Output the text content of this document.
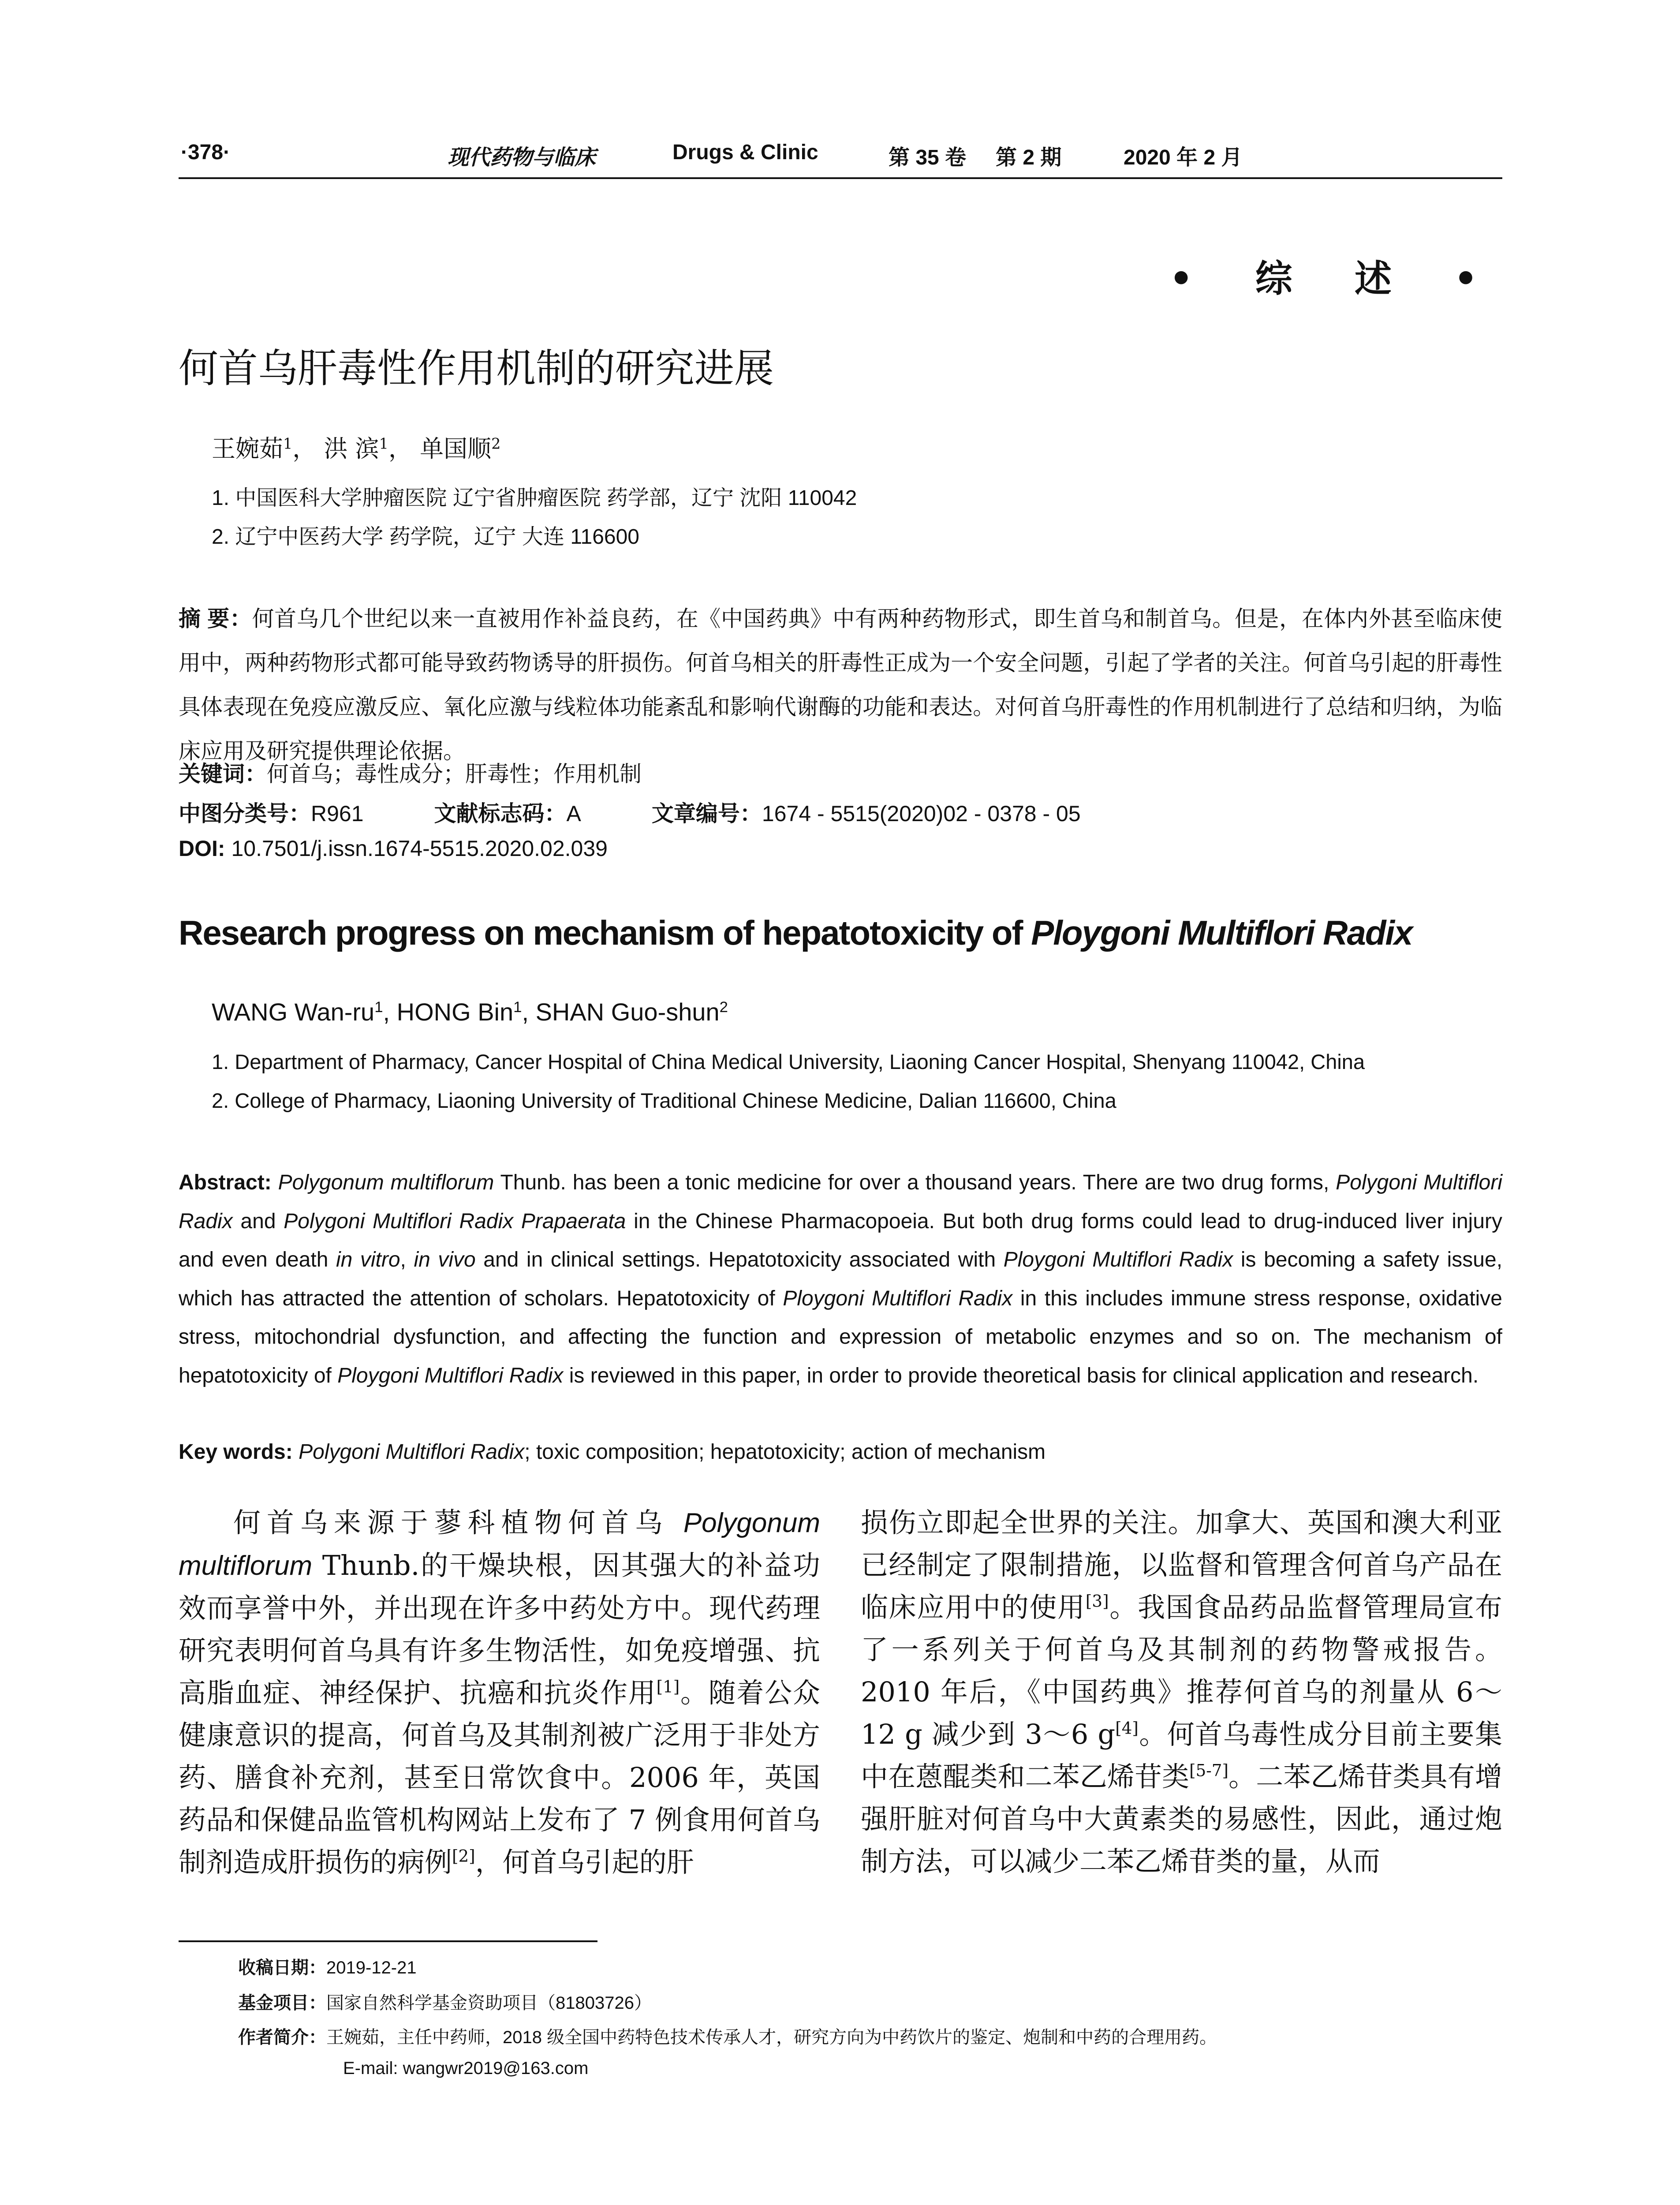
·378·	现代药物与临床	Drugs & Clinic	第 35 卷 第 2 期	2020 年 2 月
• 综 述 •
何首乌肝毒性作用机制的研究进展
王婉茹$^1$， 洪 滨$^1$， 单国顺$^2$
1. 中国医科大学肿瘤医院 辽宁省肿瘤医院 药学部，辽宁 沈阳 110042
2. 辽宁中医药大学 药学院，辽宁 大连 116600
摘 要：何首乌几个世纪以来一直被用作补益良药，在《中国药典》中有两种药物形式，即生首乌和制首乌。但是，在体内外甚至临床使用中，两种药物形式都可能导致药物诱导的肝损伤。何首乌相关的肝毒性正成为一个安全问题，引起了学者的关注。何首乌引起的肝毒性具体表现在免疫应激反应、氧化应激与线粒体功能紊乱和影响代谢酶的功能和表达。对何首乌肝毒性的作用机制进行了总结和归纳，为临床应用及研究提供理论依据。
关键词：何首乌；毒性成分；肝毒性；作用机制
中图分类号：R961	文献标志码：A	文章编号：1674 - 5515(2020)02 - 0378 - 05
DOI: 10.7501/j.issn.1674-5515.2020.02.039
Research progress on mechanism of hepatotoxicity of Ploygoni Multiflori Radix
WANG Wan-$ru^1$, HONG Bin$^1$, SHAN Guo-shun$^2$
1. Department of Pharmacy, Cancer Hospital of China Medical University, Liaoning Cancer Hospital, Shenyang 110042, China
2. College of Pharmacy, Liaoning University of Traditional Chinese Medicine, Dalian 116600, China
Abstract: Polygonum multiflorum Thunb. has been a tonic medicine for over a thousand years. There are two drug forms, Polygoni Multiflori Radix and Polygoni Multiflori Radix Prapaerata in the Chinese Pharmacopoeia. But both drug forms could lead to drug-induced liver injury and even death in vitro, in vivo and in clinical settings. Hepatotoxicity associated with Ploygoni Multiflori Radix is becoming a safety issue, which has attracted the attention of scholars. Hepatotoxicity of Ploygoni Multiflori Radix in this includes immune stress response, oxidative stress, mitochondrial dysfunction, and affecting the function and expression of metabolic enzymes and so on. The mechanism of hepatotoxicity of Ploygoni Multiflori Radix is reviewed in this paper, in order to provide theoretical basis for clinical application and research.
Key words: Polygoni Multiflori Radix; toxic composition; hepatotoxicity; action of mechanism
何首乌来源于蓼科植物何首乌 Polygonum multiflorum Thunb.的干燥块根，因其强大的补益功效而享誉中外，并出现在许多中药处方中。现代药理研究表明何首乌具有许多生物活性，如免疫增强、抗高脂血症、神经保护、抗癌和抗炎作用[1]。随着公众健康意识的提高，何首乌及其制剂被广泛用于非处方药、膳食补充剂，甚至日常饮食中。2006 年，英国药品和保健品监管机构网站上发布了 7 例食用何首乌制剂造成肝损伤的病例[2]，何首乌引起的肝
损伤立即起全世界的关注。加拿大、英国和澳大利亚已经制定了限制措施，以监督和管理含何首乌产品在临床应用中的使用[3]。我国食品药品监督管理局宣布了一系列关于何首乌及其制剂的药物警戒报告。2010 年后，《中国药典》推荐何首乌的剂量从 6～12 g 减少到 3～6 g[4]。何首乌毒性成分目前主要集中在蒽醌类和二苯乙烯苷类[5-7]。二苯乙烯苷类具有增强肝脏对何首乌中大黄素类的易感性，因此，通过炮制方法，可以减少二苯乙烯苷类的量，从而
收稿日期：2019-12-21
基金项目：国家自然科学基金资助项目（81803726）
作者简介：王婉茹，主任中药师，2018 级全国中药特色技术传承人才，研究方向为中药饮片的鉴定、炮制和中药的合理用药。
E-mail: wangwr2019@163.com
